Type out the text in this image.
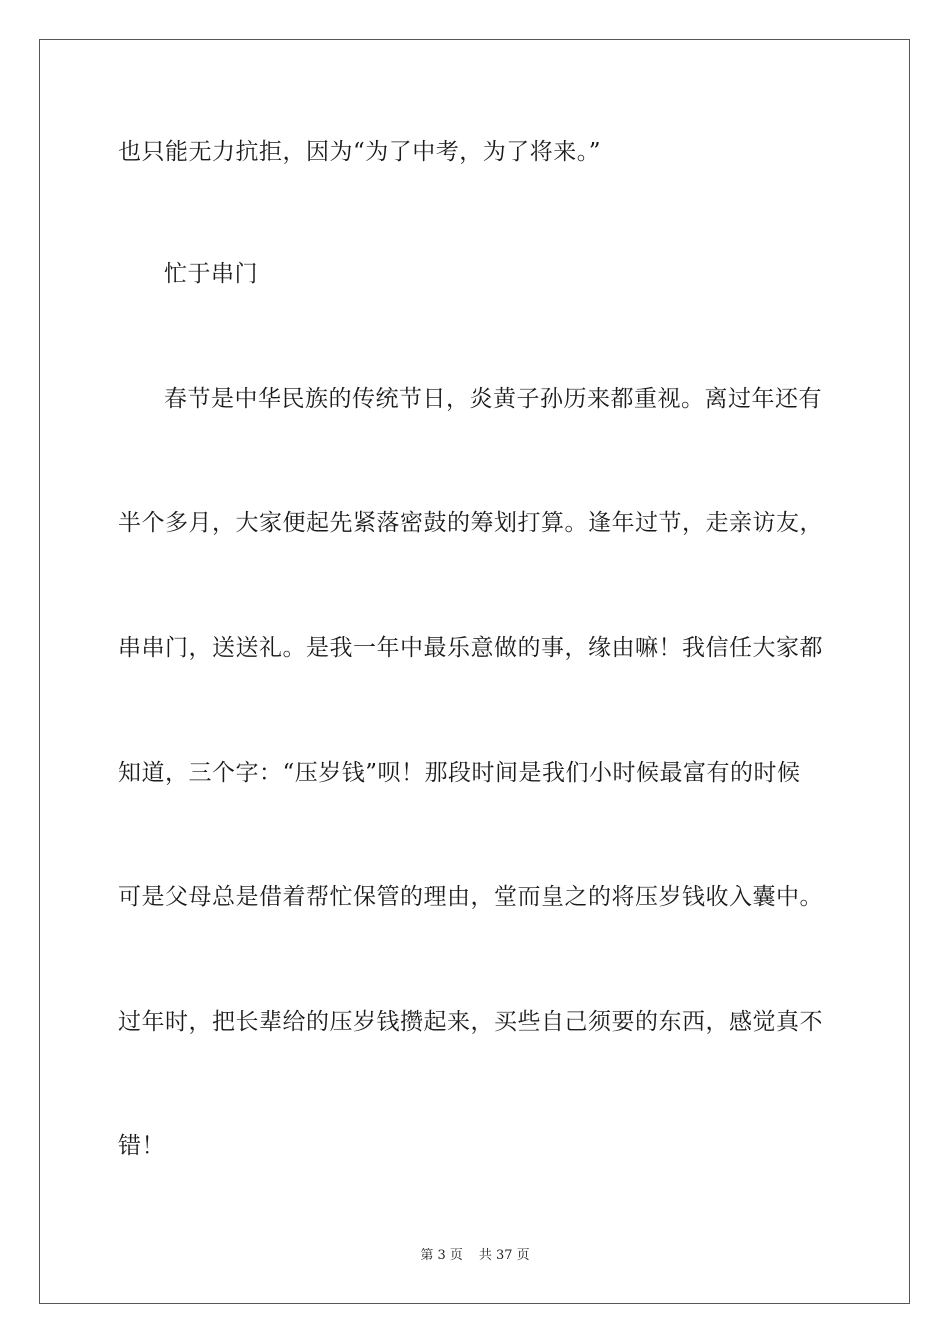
也只能无力抗拒，因为“为了中考，为了将来。”
忙于串门
春节是中华民族的传统节日，炎黄子孙历来都重视。离过年还有
半个多月，大家便起先紧落密鼓的筹划打算。逢年过节，走亲访友，
串串门，送送礼。是我一年中最乐意做的事，缘由嘛！我信任大家都
知道，三个字：“压岁钱”呗！那段时间是我们小时候最富有的时候
可是父母总是借着帮忙保管的理由，堂而皇之的将压岁钱收入囊中。
过年时，把长辈给的压岁钱攒起来，买些自己须要的东西，感觉真不
错！
第 3 页 共 37 页
